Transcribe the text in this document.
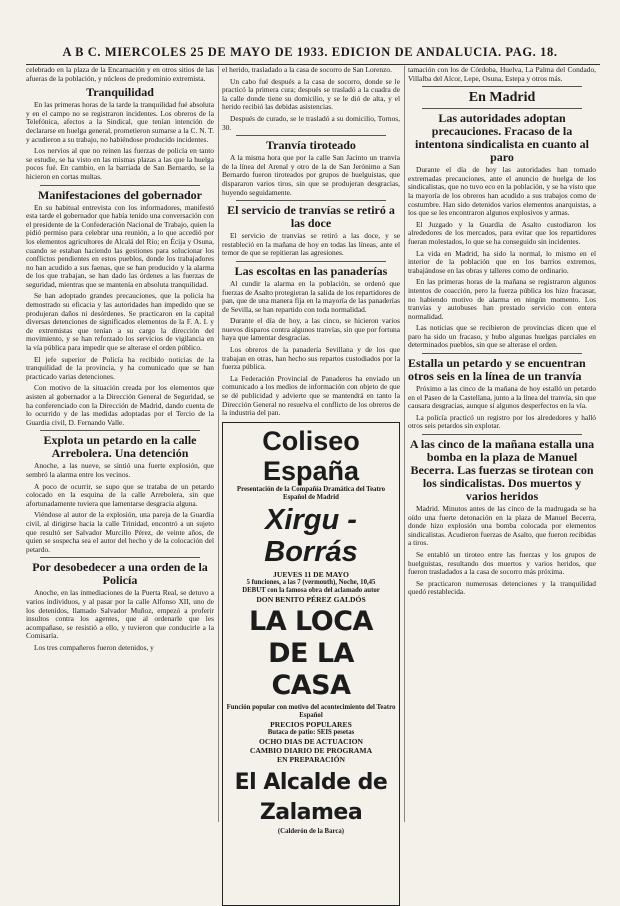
A B C. MIERCOLES 25 DE MAYO DE 1933. EDICION DE ANDALUCIA. PAG. 18.

celebrado en la plaza de la Encarnación y en otros sitios de las afueras de la población, y núcleos de predominio extremista.

Tranquilidad

En las primeras horas de la tarde la tranquilidad fué absoluta y en el campo no se registraron incidentes. Los obreros de la Telefónica, afectos a la Sindical, que tenían intención de declararse en huelga general, prometieron sumarse a la C. N. T. y acudieron a su trabajo, no habiéndose producido incidentes.

Los nervios al que no reinen las fuerzas de policía en tanto se estudie, se ha visto en las mismas plazas a las que la huelga pocos fué. En cambio, en la barriada de San Bernardo, se la hicieron en cortas multas.

Manifestaciones del gobernador

En su habitual entrevista con los informadores, manifestó esta tarde el gobernador que había tenido una conversación con el presidente de la Confederación Nacional de Trabajo, quien la pidió permiso para celebrar una reunión, a lo que accedió por los elementos agricultores de Alcalá del Río; en Écija y Osuna, cuando se estaban haciendo las gestiones para solucionar los conflictos pendientes en estos pueblos, donde los trabajadores no han acudido a sus faenas, que se han producido y la alarma de los que trabajan, se han dado las órdenes a las fuerzas de seguridad, mientras que se mantenía en absoluta tranquilidad.

Se han adoptado grandes precauciones, que la policía ha demostrado su eficacia y las autoridades han impedido que se produjeran daños ni desórdenes. Se practicaron en la capital diversas detenciones de significados elementos de la F. A. I. y de extremistas que tenían a su cargo la dirección del movimiento, y se han reforzado los servicios de vigilancia en la vía pública para impedir que se alterase el orden público.

El jefe superior de Policía ha recibido noticias de la tranquilidad de la provincia, y ha comunicado que se han practicado varias detenciones.

Con motivo de la situación creada por los elementos que asisten al gobernador a la Dirección General de Seguridad, se ha conferenciado con la Dirección de Madrid, dando cuenta de lo ocurrido y de las medidas adoptadas por el Tercio de la Guardia civil, D. Fernando Valle.

Explota un petardo en la calle Arrebolera. Una detención

Anoche, a las nueve, se sintió una fuerte explosión, que sembró la alarma entre los vecinos.

A poco de ocurrir, se supo que se trataba de un petardo colocado en la esquina de la calle Arrebolera, sin que afortunadamente tuviera que lamentarse desgracia alguna.

Viéndose al autor de la explosión, una pareja de la Guardia civil, al dirigirse hacia la calle Trinidad, encontró a un sujeto que resultó ser Salvador Murcillo Pérez, de veinte años, de quien se sospecha sea el autor del hecho y de la colocación del petardo.

Por desobedecer a una orden de la Policía

Anoche, en las inmediaciones de la Puerta Real, se detuvo a varios individuos, y al pasar por la calle Alfonso XII, uno de los detenidos, llamado Salvador Muñoz, empezó a proferir insultos contra los agentes, que al ordenarle que les acompañase, se resistió a ello, y tuvieron que conducirle a la Comisaría.

Los tres compañeros fueron detenidos, y

el herido, trasladado a la casa de socorro de San Lorenzo.

Un cabo fué después a la casa de socorro, donde se le practicó la primera cura; después se trasladó a la cuadra de la calle donde tiene su domicilio, y se le dió de alta, y el herido recibió las debidas asistencias.

Después de curado, se le trasladó a su domicilio, Tornos, 30.

Tranvía tiroteado

A la misma hora que por la calle San Jacinto un tranvía de la línea del Arenal y otro de la de San Jerónimo a San Bernardo fueron tiroteados por grupos de huelguistas, que dispararon varios tiros, sin que se produjeran desgracias, huyendo seguidamente.

El servicio de tranvías se retiró a las doce

El servicio de tranvías se retiró a las doce, y se restableció en la mañana de hoy en todas las líneas, ante el temor de que se repitieran las agresiones.

Las escoltas en las panaderías

Al cundir la alarma en la población, se ordenó que fuerzas de Asalto protegieran la salida de los repartidores de pan, que de una manera fija en la mayoría de las panaderías de Sevilla, se han repartido con toda normalidad.

Durante el día de hoy, a las cinco, se hicieron varios nuevos disparos contra algunos tranvías, sin que por fortuna haya que lamentar desgracias.

Los obreros de la panadería Sevillana y de los que trabajan en otras, han hecho sus repartos custodiados por la fuerza pública.

La Federación Provincial de Panaderos ha enviado un comunicado a los medios de información con objeto de que se dé publicidad y advierte que se mantendrá en tanto la Dirección General no resuelva el conflicto de los obreros de la industria del pan.

Coliseo España
Presentación de la Compañía Dramática del Teatro Español de Madrid
Xirgu - Borrás
JUEVES 11 DE MAYO
5 funciones, a las 7 (vermouth), Noche, 10,45
DEBUT con la famosa obra del aclamado autor
DON BENITO PÉREZ GALDÓS
LA LOCA DE LA CASA
Función popular con motivo del acontecimiento del Teatro Español
PRECIOS POPULARES
Butaca de patio: SEIS pesetas
OCHO DIAS DE ACTUACION
CAMBIO DIARIO DE PROGRAMA
EN PREPARACIÓN
El Alcalde de Zalamea
(Calderón de la Barca)

tamación con los de Córdoba, Huelva, La Palma del Condado, Villalba del Alcor, Lepe, Osuna, Estepa y otros más.

En Madrid
Las autoridades adoptan precauciones. Fracaso de la intentona sindicalista en cuanto al paro

Durante el día de hoy las autoridades han tomado extremadas precauciones, ante el anuncio de huelga de los sindicalistas, que no tuvo eco en la población, y se ha visto que la mayoría de los obreros han acudido a sus trabajos como de costumbre. Han sido detenidos varios elementos anarquistas, a los que se les encontraron algunos explosivos y armas.

El Juzgado y la Guardia de Asalto custodiaron los alrededores de los mercados, para evitar que los repartidores fueran molestados, lo que se ha conseguido sin incidentes.

La vida en Madrid, ha sido la normal, lo mismo en el interior de la población que en los barrios extremos, trabajándose en las obras y talleres como de ordinario.

En las primeras horas de la mañana se registraron algunos intentos de coacción, pero la fuerza pública los hizo fracasar, no habiendo motivo de alarma en ningún momento. Los tranvías y autobuses han prestado servicio con entera normalidad.

Las noticias que se recibieron de provincias dicen que el paro ha sido un fracaso, y hubo algunas huelgas parciales en determinados pueblos, sin que se alterase el orden.

Estalla un petardo y se encuentran otros seis en la línea de un tranvía

Próximo a las cinco de la mañana de hoy estalló un petardo en el Paseo de la Castellana, junto a la línea del tranvía, sin que causara desgracias, aunque sí algunos desperfectos en la vía.

La policía practicó un registro por los alrededores y halló otros seis petardos sin explotar.

A las cinco de la mañana estalla una bomba en la plaza de Manuel Becerra. Las fuerzas se tirotean con los sindicalistas. Dos muertos y varios heridos

Madrid. Minutos antes de las cinco de la madrugada se ha oído una fuerte detonación en la plaza de Manuel Becerra, donde hizo explosión una bomba colocada por elementos sindicalistas. Acudieron fuerzas de Asalto, que fueron recibidas a tiros.

Se entabló un tiroteo entre las fuerzas y los grupos de huelguistas, resultando dos muertos y varios heridos, que fueron trasladados a la casa de socorro más próxima.

Se practicaron numerosas detenciones y la tranquilidad quedó restablecida.
